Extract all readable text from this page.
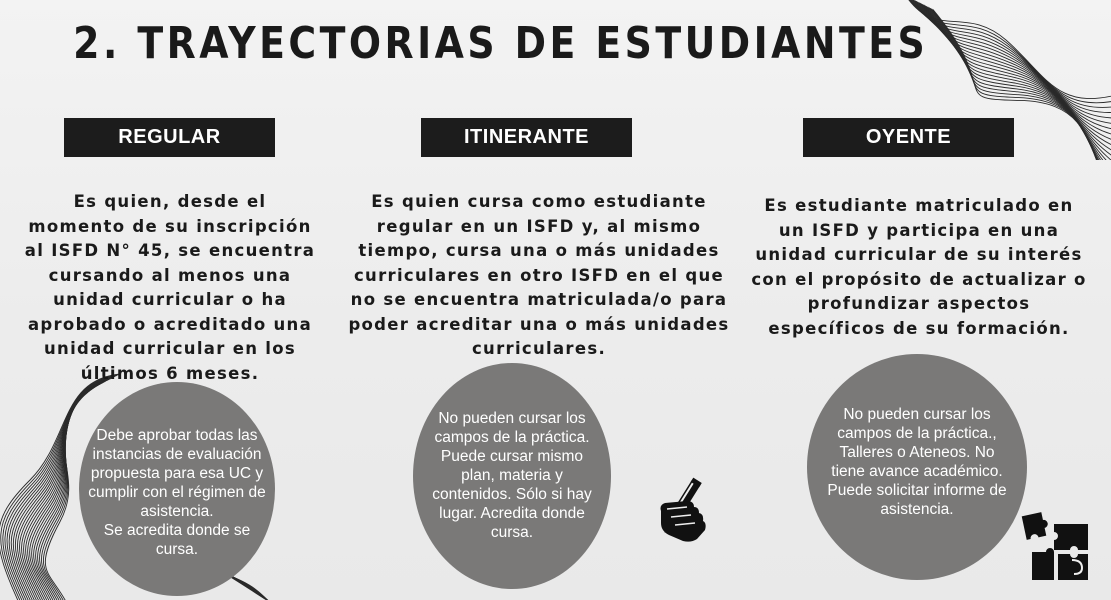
2. TRAYECTORIAS DE ESTUDIANTES
REGULAR
Es quien, desde el momento de su inscripción al ISFD N° 45, se encuentra cursando al menos una unidad curricular o ha aprobado o acreditado una unidad curricular en los últimos 6 meses.
ITINERANTE
Es quien cursa como estudiante regular en un ISFD y, al mismo tiempo, cursa una o más unidades curriculares en otro ISFD en el que no se encuentra matriculada/o para poder acreditar una o más unidades curriculares.
OYENTE
Es estudiante matriculado en un ISFD y participa en una unidad curricular de su interés con el propósito de actualizar o profundizar aspectos específicos de su formación.
Debe aprobar todas las instancias de evaluación propuesta para esa UC y cumplir con el régimen de asistencia.
Se acredita donde se cursa.
No pueden cursar los campos de la práctica. Puede cursar mismo plan, materia y contenidos. Sólo si hay lugar. Acredita donde cursa.
No pueden cursar los campos de la práctica., Talleres o Ateneos. No tiene avance académico. Puede solicitar informe de asistencia.
